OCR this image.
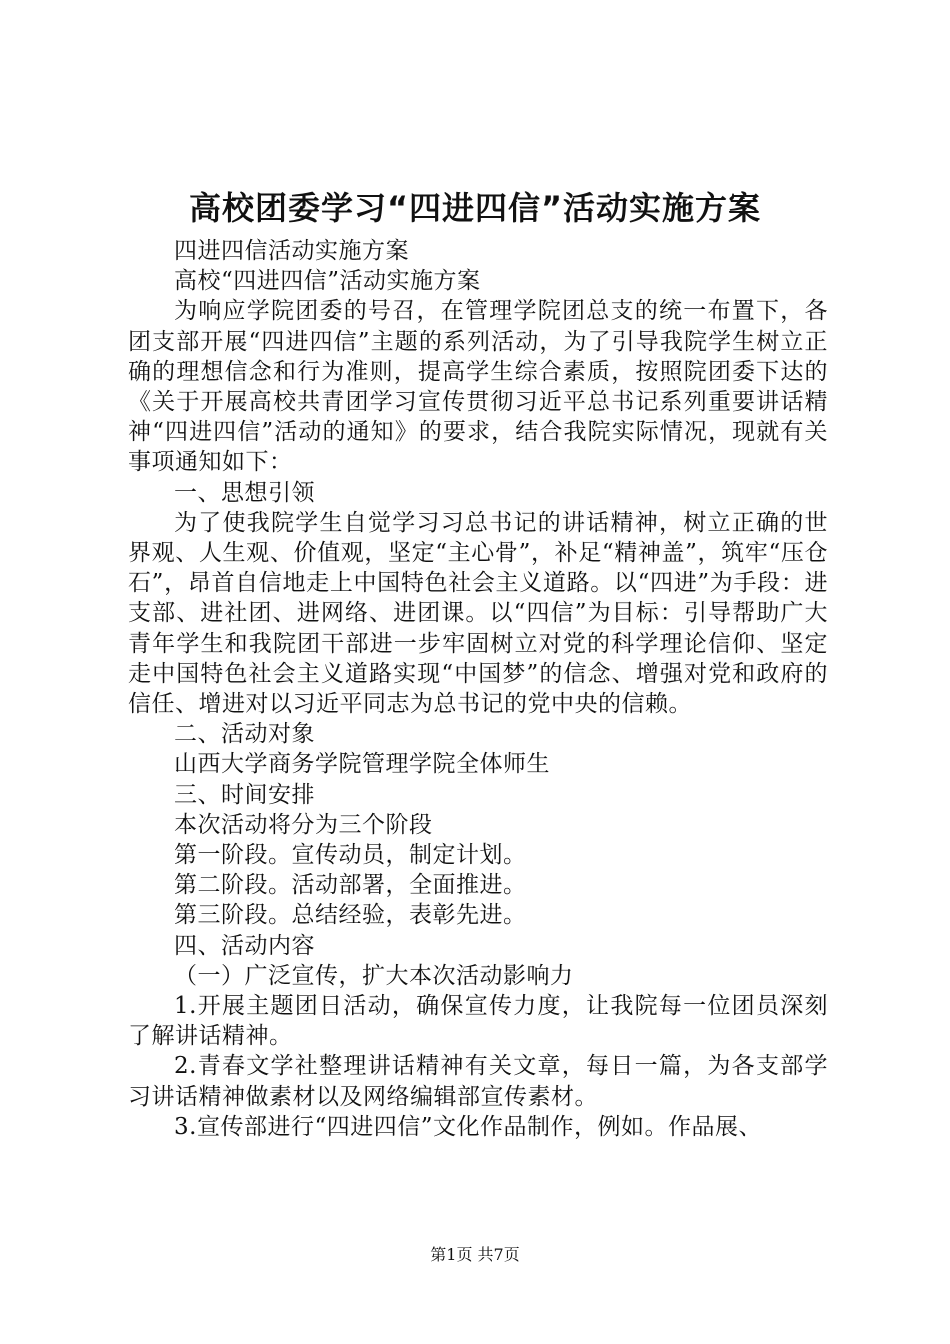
高校团委学习“四进四信”活动实施方案

四进四信活动实施方案

高校“四进四信”活动实施方案

为响应学院团委的号召，在管理学院团总支的统一布置下，各团支部开展“四进四信”主题的系列活动，为了引导我院学生树立正确的理想信念和行为准则，提高学生综合素质，按照院团委下达的《关于开展高校共青团学习宣传贯彻习近平总书记系列重要讲话精神“四进四信”活动的通知》的要求，结合我院实际情况，现就有关事项通知如下：

一、思想引领

为了使我院学生自觉学习习总书记的讲话精神，树立正确的世界观、人生观、价值观，坚定“主心骨”，补足“精神盖”，筑牢“压仓石”，昂首自信地走上中国特色社会主义道路。以“四进”为手段：进支部、进社团、进网络、进团课。以“四信”为目标：引导帮助广大青年学生和我院团干部进一步牢固树立对党的科学理论信仰、坚定走中国特色社会主义道路实现“中国梦”的信念、增强对党和政府的信任、增进对以习近平同志为总书记的党中央的信赖。

二、活动对象

山西大学商务学院管理学院全体师生

三、时间安排

本次活动将分为三个阶段

第一阶段。宣传动员，制定计划。

第二阶段。活动部署，全面推进。

第三阶段。总结经验，表彰先进。

四、活动内容

（一）广泛宣传，扩大本次活动影响力

1.开展主题团日活动，确保宣传力度，让我院每一位团员深刻了解讲话精神。

2.青春文学社整理讲话精神有关文章，每日一篇，为各支部学习讲话精神做素材以及网络编辑部宣传素材。

3.宣传部进行“四进四信”文化作品制作，例如。作品展、

第1页 共7页
